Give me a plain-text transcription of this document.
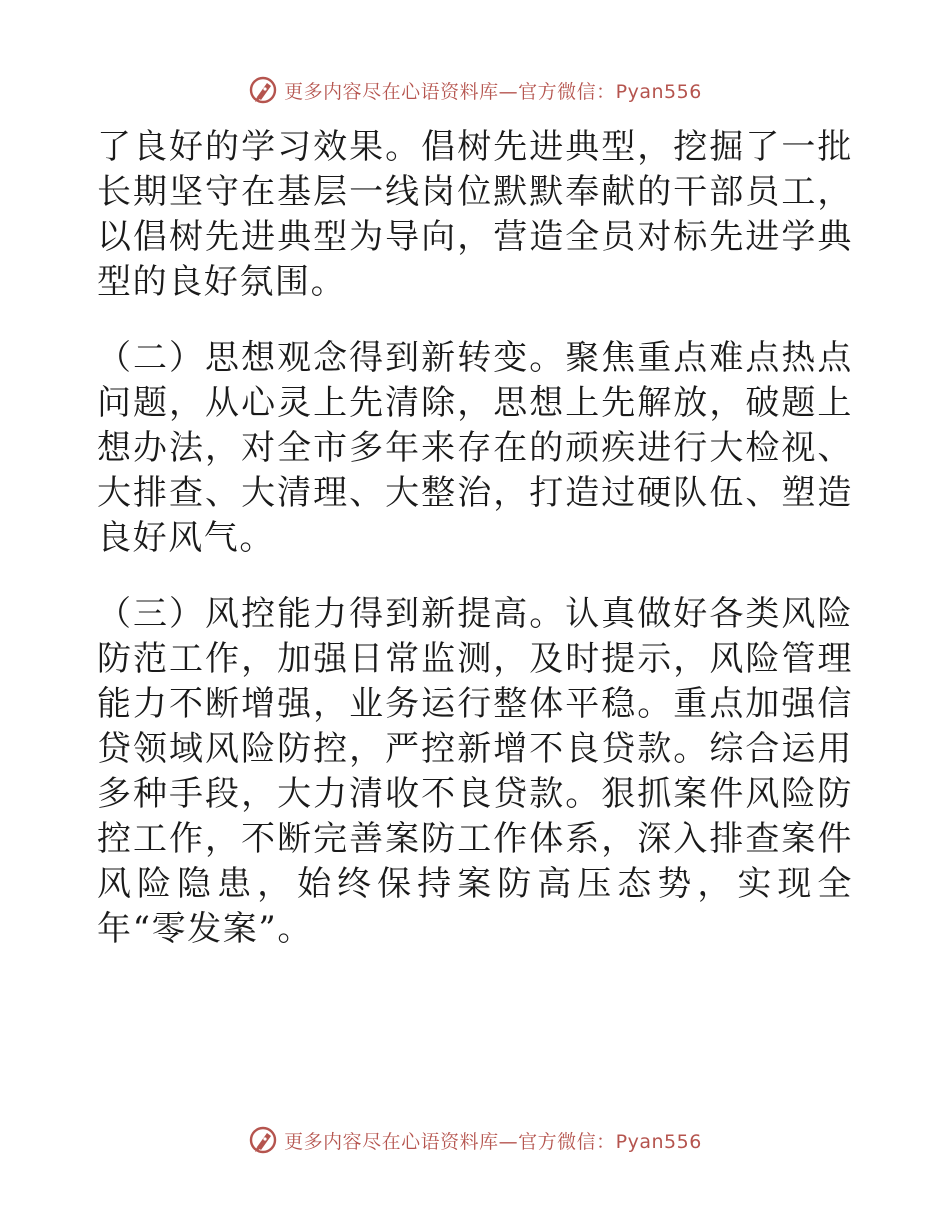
更多内容尽在心语资料库—官方微信：Pyan556

了良好的学习效果。倡树先进典型，挖掘了一批长期坚守在基层一线岗位默默奉献的干部员工，以倡树先进典型为导向，营造全员对标先进学典型的良好氛围。

（二）思想观念得到新转变。聚焦重点难点热点问题，从心灵上先清除，思想上先解放，破题上想办法，对全市多年来存在的顽疾进行大检视、大排查、大清理、大整治，打造过硬队伍、塑造良好风气。

（三）风控能力得到新提高。认真做好各类风险防范工作，加强日常监测，及时提示，风险管理能力不断增强，业务运行整体平稳。重点加强信贷领域风险防控，严控新增不良贷款。综合运用多种手段，大力清收不良贷款。狠抓案件风险防控工作，不断完善案防工作体系，深入排查案件风险隐患，始终保持案防高压态势，实现全年“零发案”。

更多内容尽在心语资料库—官方微信：Pyan556
